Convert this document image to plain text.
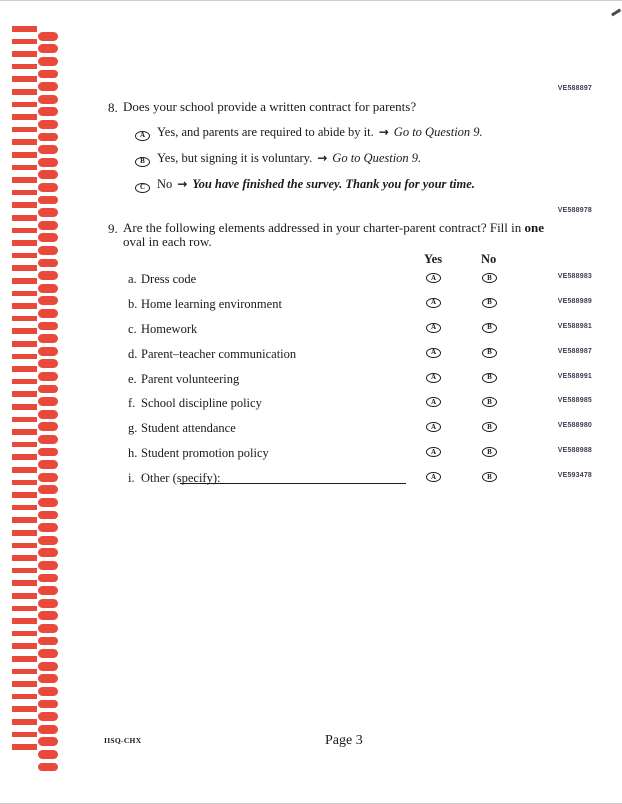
VE588897
8. Does your school provide a written contract for parents?
A Yes, and parents are required to abide by it. → Go to Question 9.
B Yes, but signing it is voluntary. → Go to Question 9.
C No → You have finished the survey. Thank you for your time.
VE588978
9. Are the following elements addressed in your charter-parent contract? Fill in one
oval in each row.
Yes	No
a. Dress code	A	B	VE588983
b. Home learning environment	A	B	VE588989
c. Homework	A	B	VE588981
d. Parent–teacher communication	A	B	VE588987
e. Parent volunteering	A	B	VE588991
f. School discipline policy	A	B	VE588985
g. Student attendance	A	B	VE588980
h. Student promotion policy	A	B	VE588988
i. Other (specify):	A	B	VE593478
IISQ-CHX	Page 3
